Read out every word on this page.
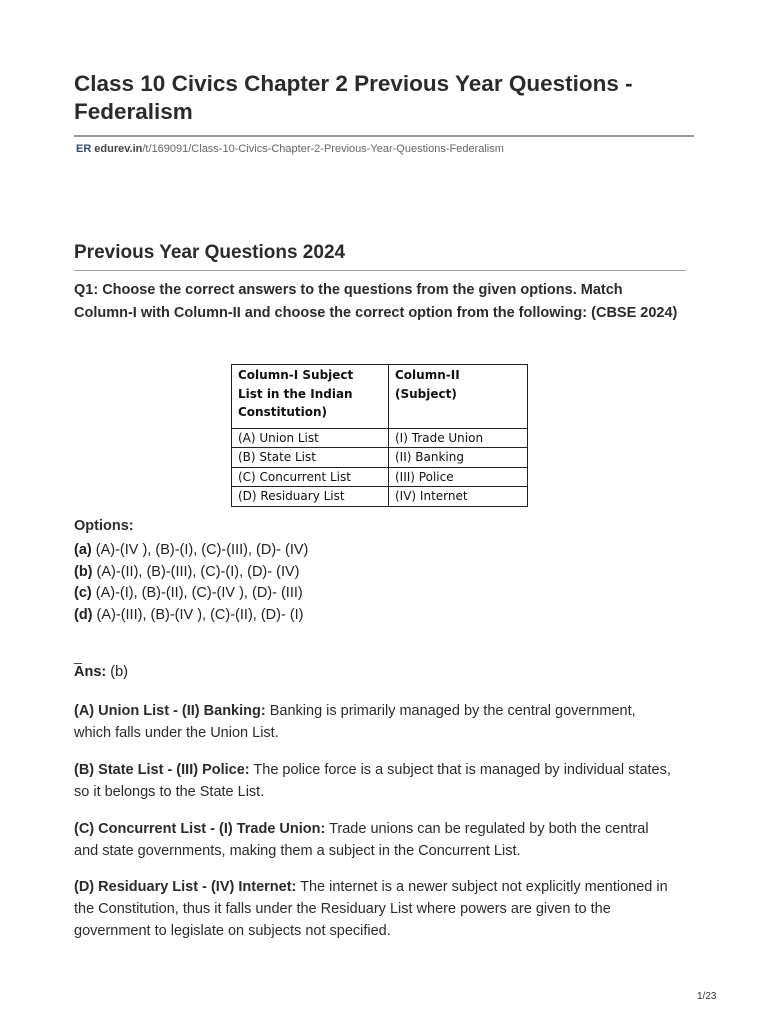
Class 10 Civics Chapter 2 Previous Year Questions - Federalism
ER edurev.in/t/169091/Class-10-Civics-Chapter-2-Previous-Year-Questions-Federalism
Previous Year Questions 2024

Q1: Choose the correct answers to the questions from the given options. Match Column-I with Column-II and choose the correct option from the following: (CBSE 2024)

Column-I Subject List in the Indian Constitution)	Column-II (Subject)
(A) Union List	(I) Trade Union
(B) State List	(II) Banking
(C) Concurrent List	(III) Police
(D) Residuary List	(IV) Internet
Options:
(a) (A)-(IV ), (B)-(I), (C)-(III), (D)- (IV)
(b) (A)-(II), (B)-(III), (C)-(I), (D)- (IV)
(c) (A)-(I), (B)-(II), (C)-(IV ), (D)- (III)
(d) (A)-(III), (B)-(IV ), (C)-(II), (D)- (I)
_
Ans: (b)

(A) Union List - (II) Banking: Banking is primarily managed by the central government, which falls under the Union List.

(B) State List - (III) Police: The police force is a subject that is managed by individual states, so it belongs to the State List.

(C) Concurrent List - (I) Trade Union: Trade unions can be regulated by both the central and state governments, making them a subject in the Concurrent List.

(D) Residuary List - (IV) Internet: The internet is a newer subject not explicitly mentioned in the Constitution, thus it falls under the Residuary List where powers are given to the government to legislate on subjects not specified.

1/23
